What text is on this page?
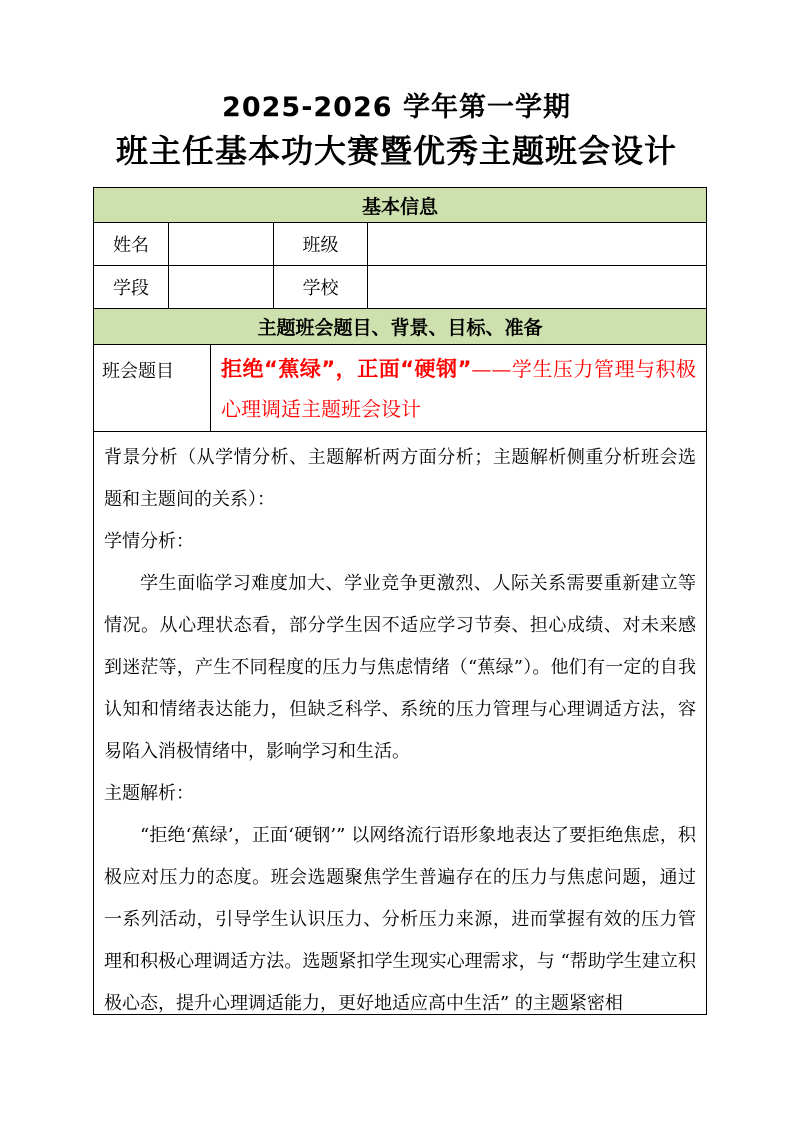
2025-2026 学年第一学期
班主任基本功大赛暨优秀主题班会设计
基本信息
姓名	班级
学段	学校
主题班会题目、背景、目标、准备
班会题目	拒绝“蕉绿”，正面“硬钢”——学生压力管理与积极心理调适主题班会设计
背景分析（从学情分析、主题解析两方面分析；主题解析侧重分析班会选题和主题间的关系）：
学情分析：
学生面临学习难度加大、学业竞争更激烈、人际关系需要重新建立等情况。从心理状态看，部分学生因不适应学习节奏、担心成绩、对未来感到迷茫等，产生不同程度的压力与焦虑情绪（“蕉绿”）。他们有一定的自我认知和情绪表达能力，但缺乏科学、系统的压力管理与心理调适方法，容易陷入消极情绪中，影响学习和生活。
主题解析：
“拒绝‘蕉绿’，正面‘硬钢’” 以网络流行语形象地表达了要拒绝焦虑，积极应对压力的态度。班会选题聚焦学生普遍存在的压力与焦虑问题，通过一系列活动，引导学生认识压力、分析压力来源，进而掌握有效的压力管理和积极心理调适方法。选题紧扣学生现实心理需求，与 “帮助学生建立积极心态，提升心理调适能力，更好地适应高中生活” 的主题紧密相
